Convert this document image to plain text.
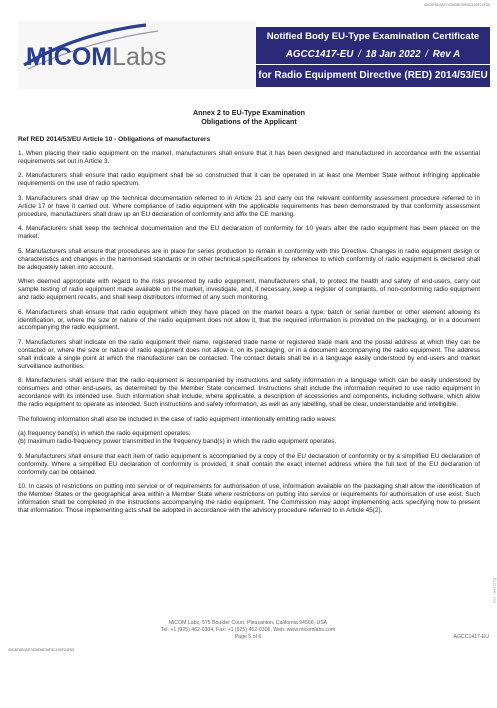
40C8F8D0AF7430D5E39F5C190F24F55
MiCOMLabs
Notified Body EU-Type Examination Certificate
AGCC1417-EU / 18 Jan 2022 / Rev A
for Radio Equipment Directive (RED) 2014/53/EU
Annex 2 to EU-Type Examination
Obligations of the Applicant
Ref RED 2014/53/EU Article 10 - Obligations of manufacturers

1. When placing their radio equipment on the market, manufacturers shall ensure that it has been designed and manufactured in accordance with the essential requirements set out in Article 3.

2. Manufacturers shall ensure that radio equipment shall be so constructed that it can be operated in at least one Member State without infringing applicable requirements on the use of radio spectrum.

3. Manufacturers shall draw up the technical documentation referred to in Article 21 and carry out the relevant conformity assessment procedure referred to in Article 17 or have it carried out. Where compliance of radio equipment with the applicable requirements has been demonstrated by that conformity assessment procedure, manufacturers shall draw up an EU declaration of conformity and affix the CE marking.

4. Manufacturers shall keep the technical documentation and the EU declaration of conformity for 10 years after the radio equipment has been placed on the market.

5. Manufacturers shall ensure that procedures are in place for series production to remain in conformity with this Directive. Changes in radio equipment design or characteristics and changes in the harmonised standards or in other technical specifications by reference to which conformity of radio equipment is declared shall be adequately taken into account.

When deemed appropriate with regard to the risks presented by radio equipment, manufacturers shall, to protect the health and safety of end-users, carry out sample testing of radio equipment made available on the market, investigate, and, if necessary, keep a register of complaints, of non-conforming radio equipment and radio equipment recalls, and shall keep distributors informed of any such monitoring.

6. Manufacturers shall ensure that radio equipment which they have placed on the market bears a type, batch or serial number or other element allowing its identification, or, where the size or nature of the radio equipment does not allow it, that the required information is provided on the packaging, or in a document accompanying the radio equipment.

7. Manufacturers shall indicate on the radio equipment their name, registered trade name or registered trade mark and the postal address at which they can be contacted or, where the size or nature of radio equipment does not allow it, on its packaging, or in a document accompanying the radio equipment. The address shall indicate a single point at which the manufacturer can be contacted. The contact details shall be in a language easily understood by end-users and market surveillance authorities.

8. Manufacturers shall ensure that the radio equipment is accompanied by instructions and safety information in a language which can be easily understood by consumers and other end-users, as determined by the Member State concerned. Instructions shall include the information required to use radio equipment in accordance with its intended use. Such information shall include, where applicable, a description of accessories and components, including software, which allow the radio equipment to operate as intended. Such instructions and safety information, as well as any labelling, shall be clear, understandable and intelligible.

The following information shall also be included in the case of radio equipment intentionally emitting radio waves:

(a) frequency band(s) in which the radio equipment operates;

(b) maximum radio-frequency power transmitted in the frequency band(s) in which the radio equipment operates.

9. Manufacturers shall ensure that each item of radio equipment is accompanied by a copy of the EU declaration of conformity or by a simplified EU declaration of conformity. Where a simplified EU declaration of conformity is provided, it shall contain the exact internet address where the full text of the EU declaration of conformity can be obtained.

10. In cases of restrictions on putting into service or of requirements for authorisation of use, information available on the packaging shall allow the identification of the Member States or the geographical area within a Member State where restrictions on putting into service or requirements for authorisation of use exist. Such information shall be completed in the instructions accompanying the radio equipment. The Commission may adopt implementing acts specifying how to present that information. Those implementing acts shall be adopted in accordance with the advisory procedure referred to in Article 45(2).

Doc - Gen12.5g
MiCOM Labs, 575 Boulder Court, Pleasanton, California 94566, USA
Tel: +1 (925) 462-0304, Fax: +1 (925) 462-0306, Web: www.micomlabs.com
Page 5 of 6	AGCC1417-EU
40C8F8D0AF7430D5E39F5C190F24F55
